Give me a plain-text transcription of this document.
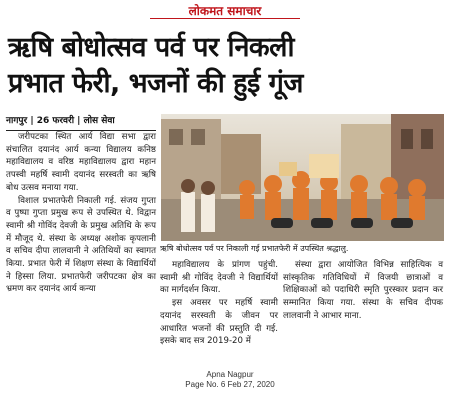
लोकमत समाचार
ऋषि बोधोत्सव पर्व पर निकली
प्रभात फेरी, भजनों की हुई गूंज
नागपुर | 26 फरवरी | लोस सेवा

जरीपटका स्थित आर्य विद्या सभा द्वारा संचालित दयानंद आर्य कन्या विद्यालय कनिष्ठ महाविद्यालय व वरिष्ठ महाविद्यालय द्वारा महान तपस्वी महर्षि स्वामी दयानंद सरस्वती का ऋषि बोध उत्सव मनाया गया.

विशाल प्रभातफेरी निकाली गई. संजय गुप्ता व पुष्पा गुप्ता प्रमुख रूप से उपस्थित थे. विद्वान स्वामी श्री गोविंद देवजी के प्रमुख अतिथि के रूप में मौजूद थे. संस्था के अध्यक्ष अशोक कृपलानी व सचिव दीपा लालवानी ने अतिथियों का स्वागत किया. प्रभात फेरी में शिक्षण संस्था के विद्यार्थियों ने हिस्सा लिया. प्रभातफेरी जरीपटका क्षेत्र का भ्रमण कर दयानंद आर्य कन्या

ऋषि बोधोत्सव पर्व पर निकाली गई प्रभातफेरी में उपस्थित श्रद्धालु.

महाविद्यालय के प्रांगण पहुंची. स्वामी श्री गोविंद देवजी ने विद्यार्थियों का मार्गदर्शन किया.

इस अवसर पर महर्षि स्वामी दयानंद सरस्वती के जीवन पर आधारित भजनों की प्रस्तुति दी गई. इसके बाद सत्र 2019-20 में

संस्था द्वारा आयोजित विभिन्न साहित्यिक व सांस्कृतिक गतिविधियों में विजयी छात्राओं व शिक्षिकाओं को पदाधिरी स्मृति पुरस्कार प्रदान कर सम्मानित किया गया. संस्था के सचिव दीपक लालवानी ने आभार माना.

Apna Nagpur
Page No. 6 Feb 27, 2020
